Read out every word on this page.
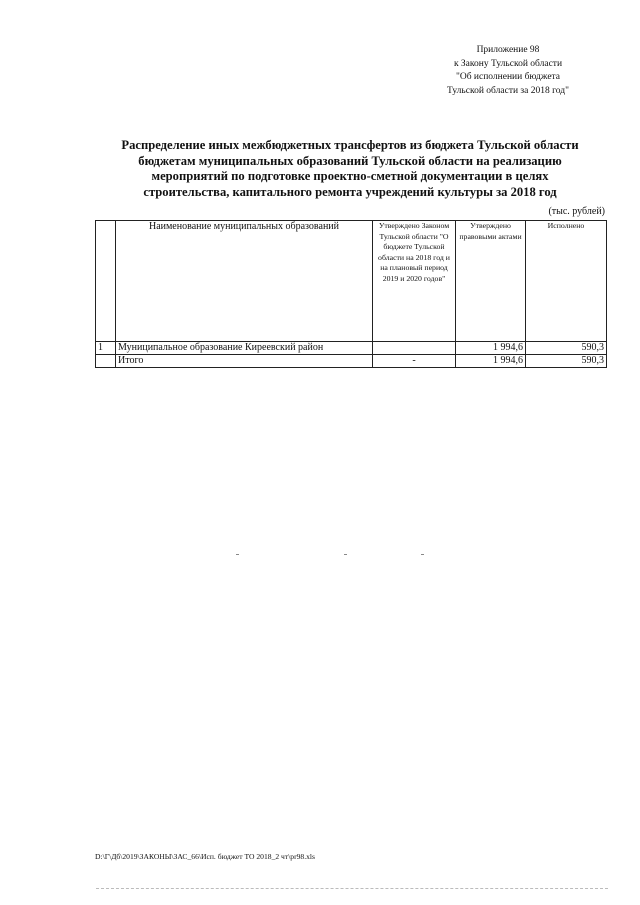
Приложение 98
к Закону Тульской области
"Об исполнении бюджета
Тульской области за 2018 год"
Распределение иных межбюджетных трансфертов из бюджета Тульской области
бюджетам муниципальных образований Тульской области на реализацию
мероприятий по подготовке проектно-сметной документации в целях
строительства, капитального ремонта учреждений культуры за 2018 год
(тыс. рублей)
	Наименование муниципальных образований	Утверждено Законом Тульской области "О бюджете Тульской области на 2018 год и на плановый период 2019 и 2020 годов"	Утверждено правовыми актами	Исполнено
1	Муниципальное образование Киреевский район		1 994,6	590,3
	Итого	-	1 994,6	590,3
D:\Г\Дб\2019\ЗАКОНЫ\ЗАС_66\Исп. бюджет ТО 2018_2 чт\pr98.xls
